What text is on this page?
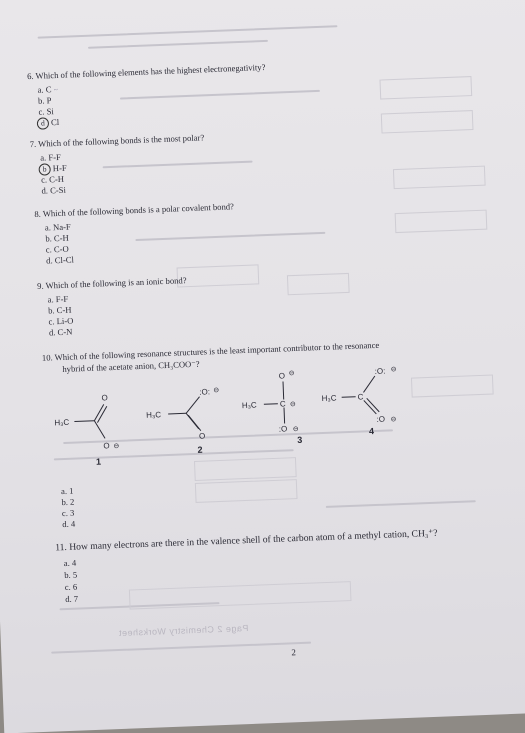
6. Which of the following elements has the highest electronegativity?
a. C ~
b. P
c. Si
d Cl
7. Which of the following bonds is the most polar?
a. F-F
b H-F
c. C-H
d. C-Si
8. Which of the following bonds is a polar covalent bond?
a. Na-F
b. C-H
c. C-O
d. Cl-Cl
9. Which of the following is an ionic bond?
a. F-F
b. C-H
c. Li-O
d. C-N
10. Which of the following resonance structures is the least important contributor to the resonance
hybrid of the acetate anion, CH₃COO⁻?
H₃C
O
O ⊖
1
H₃C
:O: ⊖
O
2
H₃C	C ⊖
O ⊖
:O ⊖
3
H₃C	C
:O: ⊖
:O ⊖
4
a. 1
b. 2
c. 3
d. 4
11. How many electrons are there in the valence shell of the carbon atom of a methyl cation, CH₃⁺?
a. 4
b. 5
c. 6
d. 7
Page 2 Chemistry Worksheet
2
